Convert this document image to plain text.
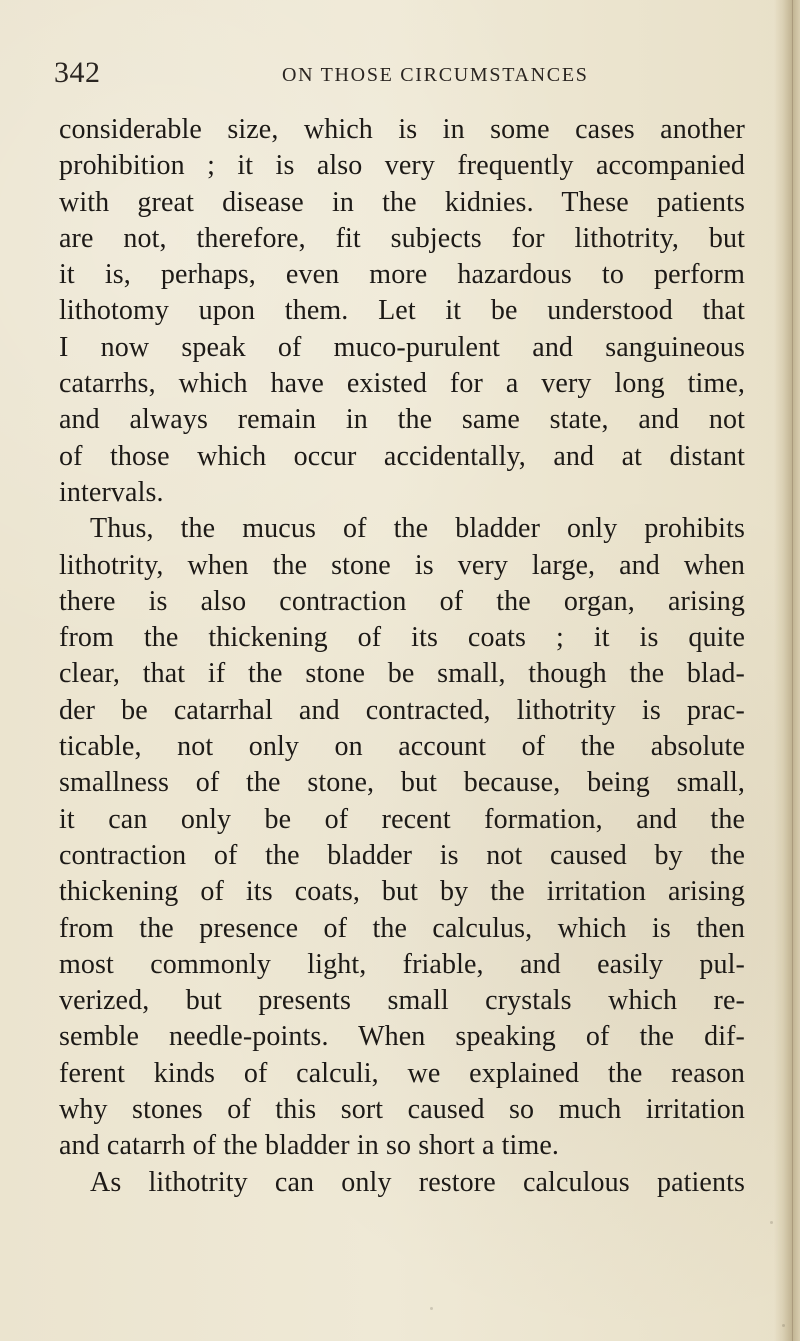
342	ON THOSE CIRCUMSTANCES
considerable size, which is in some cases another
prohibition ; it is also very frequently accompanied
with great disease in the kidnies. These patients
are not, therefore, fit subjects for lithotrity, but
it is, perhaps, even more hazardous to perform
lithotomy upon them. Let it be understood that
I now speak of muco-purulent and sanguineous
catarrhs, which have existed for a very long time,
and always remain in the same state, and not
of those which occur accidentally, and at distant
intervals.
Thus, the mucus of the bladder only prohibits
lithotrity, when the stone is very large, and when
there is also contraction of the organ, arising
from the thickening of its coats ; it is quite
clear, that if the stone be small, though the blad-
der be catarrhal and contracted, lithotrity is prac-
ticable, not only on account of the absolute
smallness of the stone, but because, being small,
it can only be of recent formation, and the
contraction of the bladder is not caused by the
thickening of its coats, but by the irritation arising
from the presence of the calculus, which is then
most commonly light, friable, and easily pul-
verized, but presents small crystals which re-
semble needle-points. When speaking of the dif-
ferent kinds of calculi, we explained the reason
why stones of this sort caused so much irritation
and catarrh of the bladder in so short a time.
As lithotrity can only restore calculous patients
